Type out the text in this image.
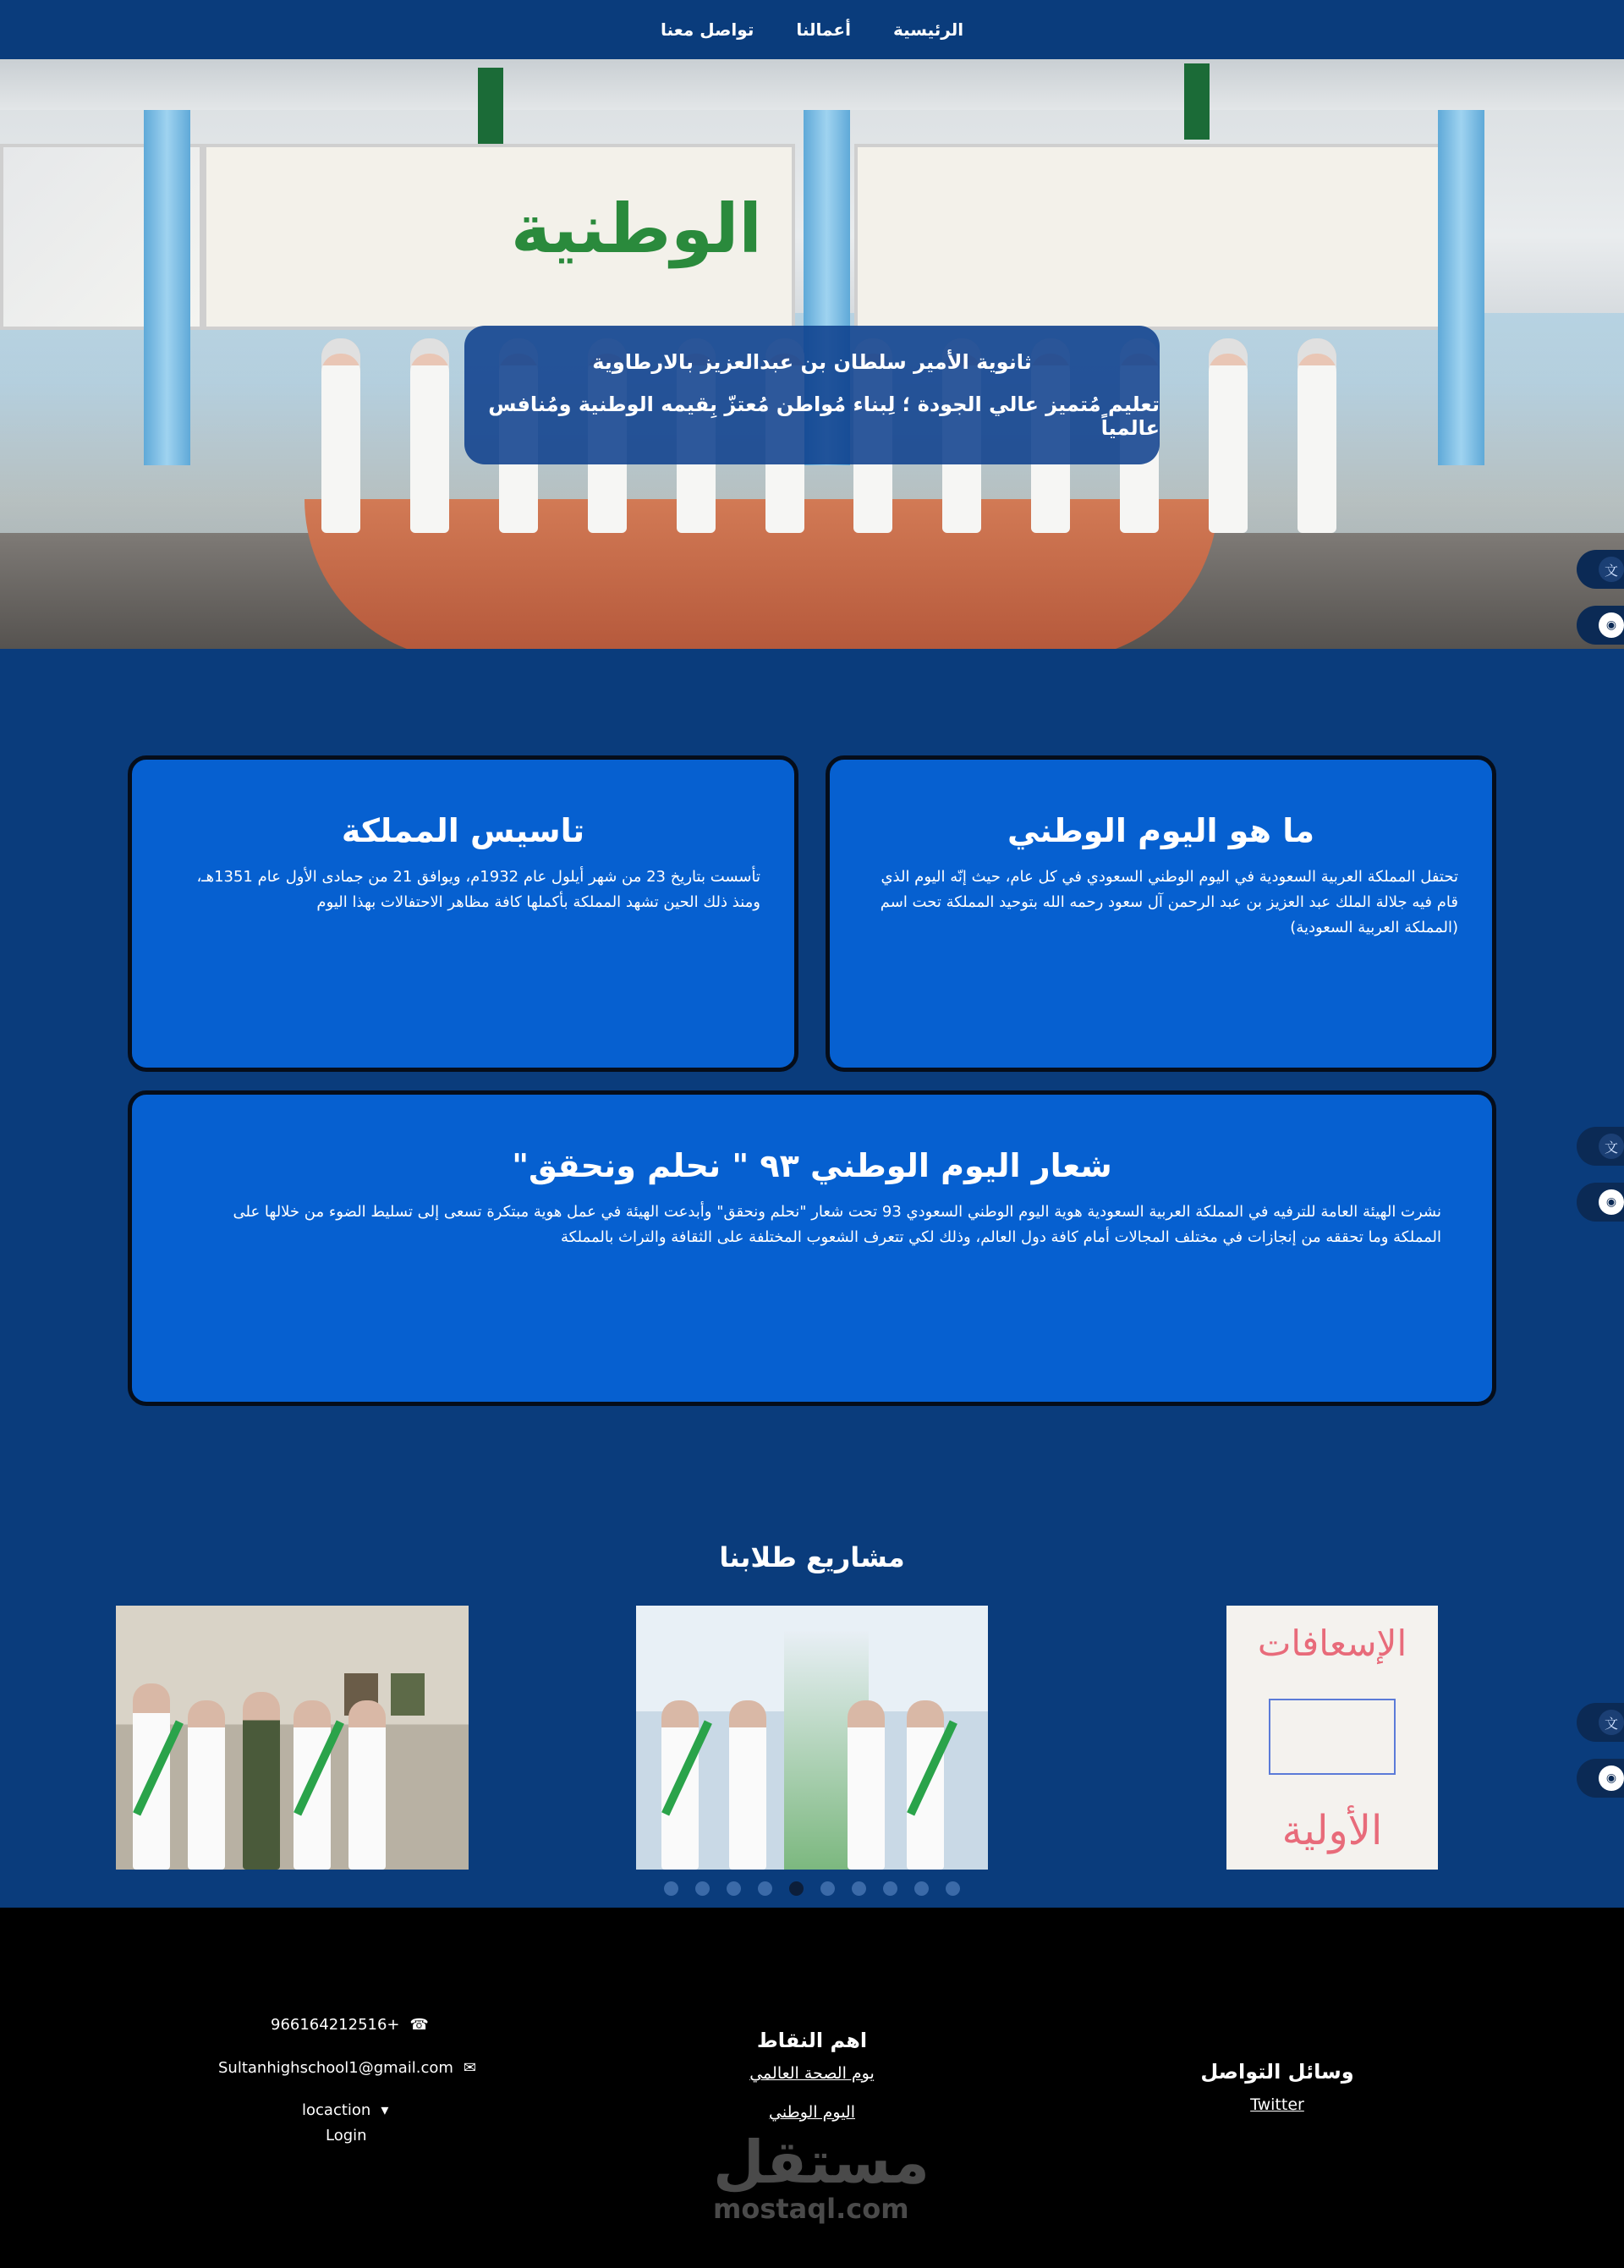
الرئيسية
أعمالنا
تواصل معنا
الوطنية
ثانوية الأمير سلطان بن عبدالعزيز بالارطاوية
تعليم مُتميز عالي الجودة ؛ لِبناء مُواطن مُعتزّ بِقيمه الوطنية ومُنافس عالمياً
文
◉
文
◉
文
◉
ما هو اليوم الوطني

تحتفل المملكة العربية السعودية في اليوم الوطني السعودي في كل عام، حيث إنّه اليوم الذي قام فيه جلالة الملك عبد العزيز بن عبد الرحمن آل سعود رحمه الله بتوحيد المملكة تحت اسم (المملكة العربية السعودية)

تاسيس المملكة

تأسست بتاريخ 23 من شهر أيلول عام 1932م، ويوافق 21 من جمادى الأول عام 1351هـ، ومنذ ذلك الحين تشهد المملكة بأكملها كافة مظاهر الاحتفالات بهذا اليوم

شعار اليوم الوطني ٩٣ " نحلم ونحقق"

نشرت الهيئة العامة للترفيه في المملكة العربية السعودية هوية اليوم الوطني السعودي 93 تحت شعار "نحلم ونحقق" وأبدعت الهيئة في عمل هوية مبتكرة تسعى إلى تسليط الضوء من خلالها على المملكة وما تحققه من إنجازات في مختلف المجالات أمام كافة دول العالم، وذلك لكي تتعرف الشعوب المختلفة على الثقافة والتراث بالمملكة

مشاريع طلابنا
الإسعافات
الأولية
وسائل التواصل
Twitter
اهم النقاط
يوم الصحة العالمي
اليوم الوطني
966164212516+ ☎
Sultanhighschool1@gmail.com ✉
locaction ▾
Login	مستقل
mostaql.com
